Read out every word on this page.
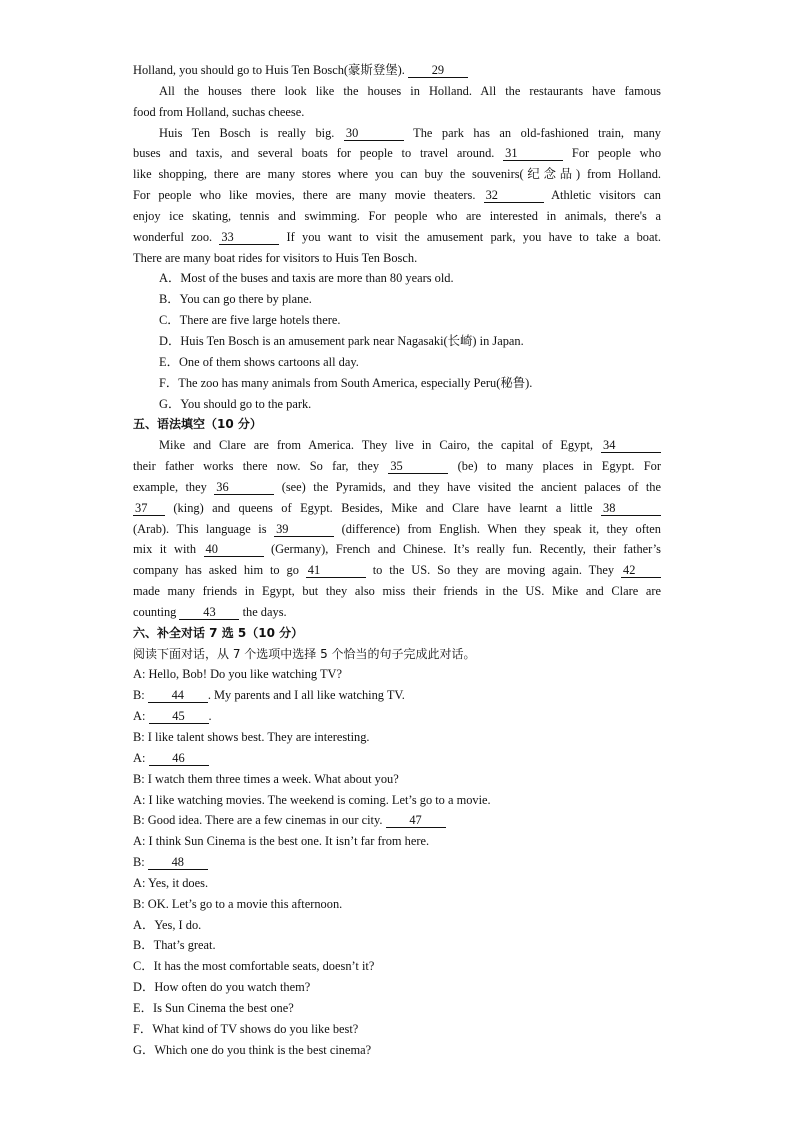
Holland, you should go to Huis Ten Bosch(豪斯登堡). 29
All the houses there look like the houses in Holland. All the restaurants have famous
food from Holland, suchas cheese.
Huis Ten Bosch is really big. 30	The park has an old-fashioned train, many
buses and taxis, and several boats for people to travel around. 31	For people who
like shopping, there are many stores where you can buy the souvenirs(纪念品) from Holland.
For people who like movies, there are many movie theaters. 32	Athletic visitors can
enjoy ice skating, tennis and swimming. For people who are interested in animals, there's a
wonderful zoo. 33	If you want to visit the amusement park, you have to take a boat.
There are many boat rides for visitors to Huis Ten Bosch.
A．Most of the buses and taxis are more than 80 years old.
B．You can go there by plane.
C．There are five large hotels there.
D．Huis Ten Bosch is an amusement park near Nagasaki(长崎) in Japan.
E．One of them shows cartoons all day.
F．The zoo has many animals from South America, especially Peru(秘鲁).
G．You should go to the park.
五、语法填空（10 分）
Mike and Clare are from America. They live in Cairo, the capital of Egypt, 34
their father works there now. So far, they 35	(be) to many places in Egypt. For
example, they 36	(see) the Pyramids, and they have visited the ancient palaces of the
37 (king) and queens of Egypt. Besides, Mike and Clare have learnt a little 38
(Arab). This language is 39	(difference) from English. When they speak it, they often
mix it with 40	(Germany), French and Chinese. It’s really fun. Recently, their father’s
company has asked him to go 41	to the US. So they are moving again. They 42
made many friends in Egypt, but they also miss their friends in the US. Mike and Clare are
counting 43 the days.
六、补全对话 7 选 5（10 分）
阅读下面对话，从 7 个选项中选择 5 个恰当的句子完成此对话。
A: Hello, Bob! Do you like watching TV?
B: 44 . My parents and I all like watching TV.
A: 45 .
B: I like talent shows best. They are interesting.
A: 46
B: I watch them three times a week. What about you?
A: I like watching movies. The weekend is coming. Let’s go to a movie.
B: Good idea. There are a few cinemas in our city. 47
A: I think Sun Cinema is the best one. It isn’t far from here.
B: 48
A: Yes, it does.
B: OK. Let’s go to a movie this afternoon.
A．Yes, I do.
B．That’s great.
C．It has the most comfortable seats, doesn’t it?
D．How often do you watch them?
E．Is Sun Cinema the best one?
F．What kind of TV shows do you like best?
G．Which one do you think is the best cinema?
